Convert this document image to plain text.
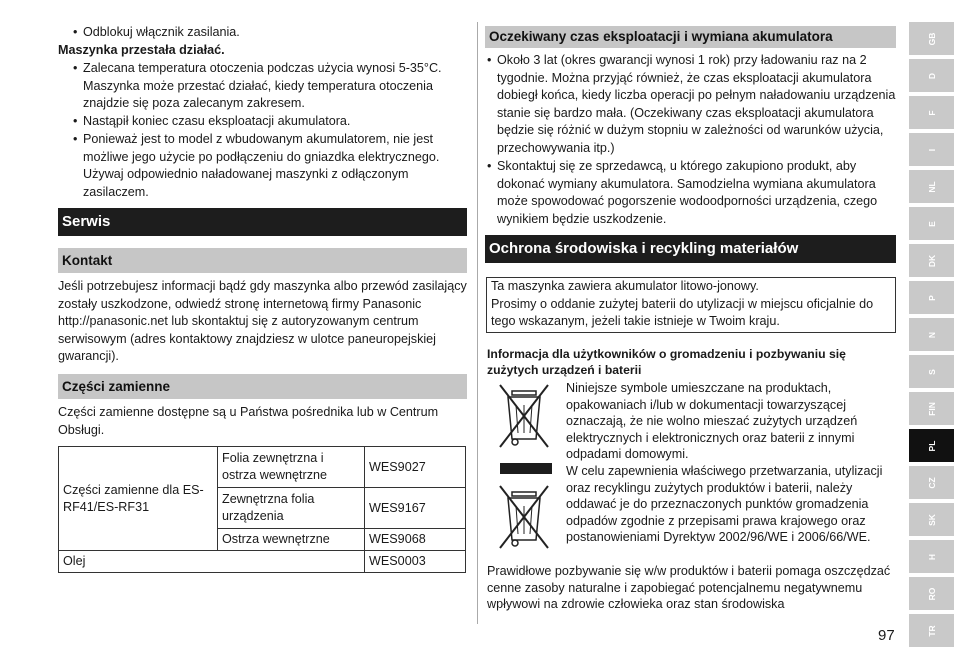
• Odblokuj włącznik zasilania.
Maszynka przestała działać.
• Zalecana temperatura otoczenia podczas użycia wynosi 5-35°C. Maszynka może przestać działać, kiedy temperatura otoczenia znajdzie się poza zalecanym zakresem.
• Nastąpił koniec czasu eksploatacji akumulatora.
• Ponieważ jest to model z wbudowanym akumulatorem, nie jest możliwe jego użycie po podłączeniu do gniazdka elektrycznego. Używaj odpowiednio naładowanej maszynki z odłączonym zasilaczem.
Serwis
Kontakt
Jeśli potrzebujesz informacji bądź gdy maszynka albo przewód zasilający zostały uszkodzone, odwiedź stronę internetową firmy Panasonic http://panasonic.net lub skontaktuj się z autoryzowanym centrum serwisowym (adres kontaktowy znajdziesz w ulotce paneuropejskiej gwarancji).
Części zamienne
Części zamienne dostępne są u Państwa pośrednika lub w Centrum Obsługi.
Części zamienne dla ES-RF41/ES-RF31	Folia zewnętrzna i ostrza wewnętrzne	WES9027
	Zewnętrzna folia urządzenia	WES9167
	Ostrza wewnętrzne	WES9068
Olej		WES0003
Oczekiwany czas eksploatacji i wymiana akumulatora
• Około 3 lat (okres gwarancji wynosi 1 rok) przy ładowaniu raz na 2 tygodnie. Można przyjąć również, że czas eksploatacji akumulatora dobiegł końca, kiedy liczba operacji po pełnym naładowaniu urządzenia stanie się bardzo mała. (Oczekiwany czas eksploatacji akumulatora będzie się różnić w dużym stopniu w zależności od warunków użycia, przechowywania itp.)
• Skontaktuj się ze sprzedawcą, u którego zakupiono produkt, aby dokonać wymiany akumulatora. Samodzielna wymiana akumulatora może spowodować pogorszenie wodoodporności urządzenia, czego wynikiem będzie uszkodzenie.
Ochrona środowiska i recykling materiałów
Ta maszynka zawiera akumulator litowo-jonowy.
Prosimy o oddanie zużytej baterii do utylizacji w miejscu oficjalnie do tego wskazanym, jeżeli takie istnieje w Twoim kraju.
Informacja dla użytkowników o gromadzeniu i pozbywaniu się zużytych urządzeń i baterii
Niniejsze symbole umieszczane na produktach, opakowaniach i/lub w dokumentacji towarzyszącej oznaczają, że nie wolno mieszać zużytych urządzeń elektrycznych i elektronicznych oraz baterii z innymi odpadami domowymi.
W celu zapewnienia właściwego przetwarzania, utylizacji oraz recyklingu zużytych produktów i baterii, należy oddawać je do przeznaczonych punktów gromadzenia odpadów zgodnie z przepisami prawa krajowego oraz postanowieniami Dyrektyw 2002/96/WE i 2006/66/WE.
Prawidłowe pozbywanie się w/w produktów i baterii pomaga oszczędzać cenne zasoby naturalne i zapobiegać potencjalnemu negatywnemu wpływowi na zdrowie człowieka oraz stan środowiska
GB
D
F
I
NL
E
DK
P
N
S
FIN
PL
CZ
SK
H
RO
TR
97
